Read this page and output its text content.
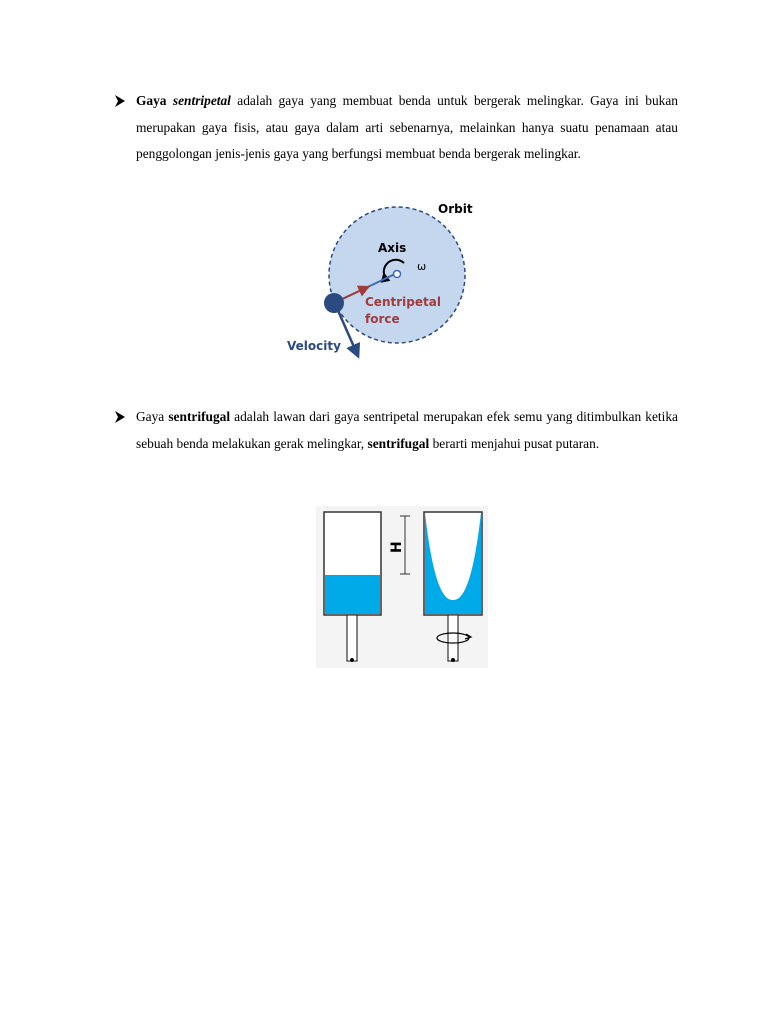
Gaya sentripetal adalah gaya yang membuat benda untuk bergerak melingkar. Gaya ini bukan merupakan gaya fisis, atau gaya dalam arti sebenarnya, melainkan hanya suatu penamaan atau penggolongan jenis-jenis gaya yang berfungsi membuat benda bergerak melingkar.

Orbit
Axis
ω
Centripetal
force
Velocity

Gaya sentrifugal adalah lawan dari gaya sentripetal merupakan efek semu yang ditimbulkan ketika sebuah benda melakukan gerak melingkar, sentrifugal berarti menjahui pusat putaran.

H
